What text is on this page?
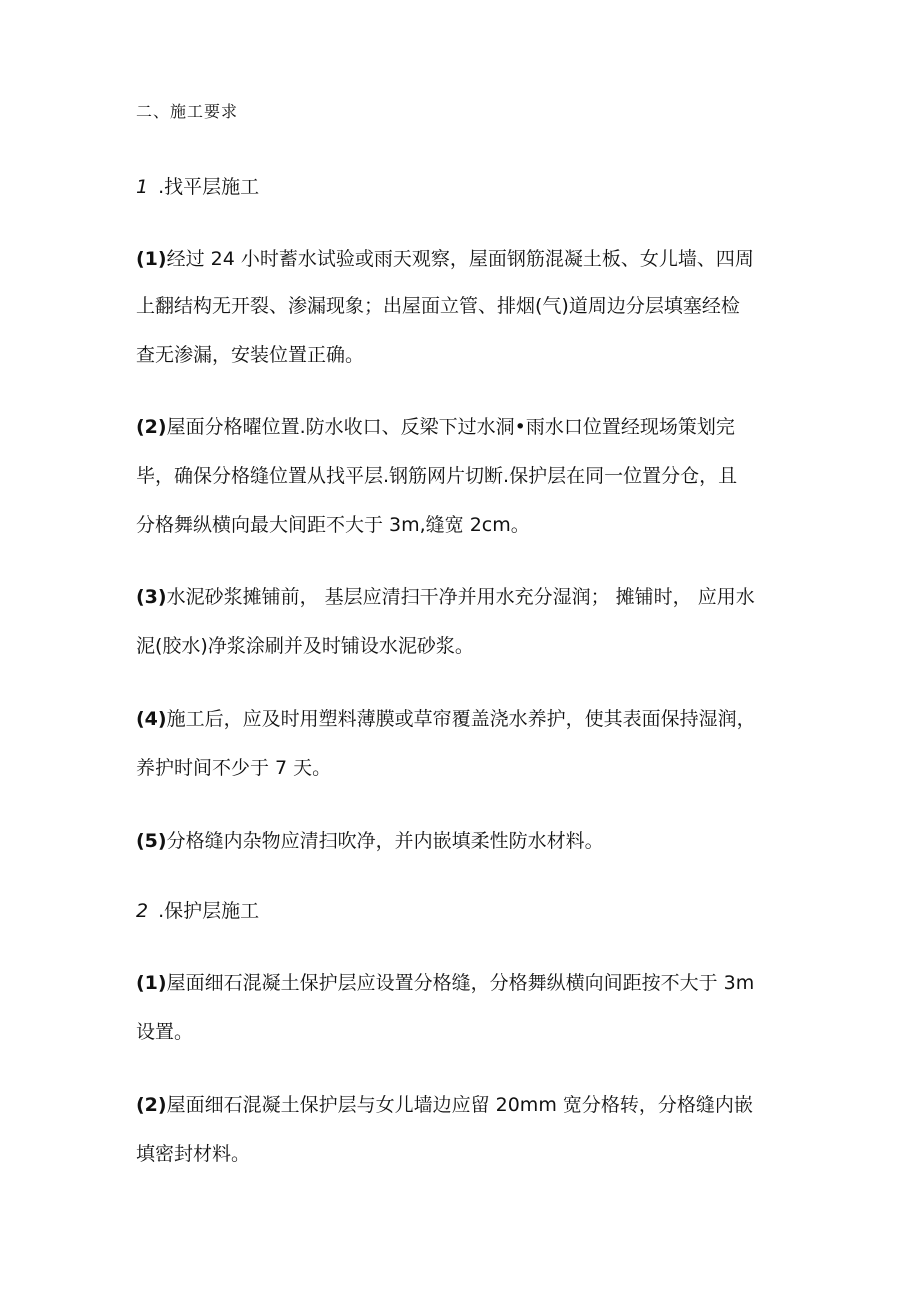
二、施工要求
1 .找平层施工
(1)经过 24 小时蓄水试验或雨天观察，屋面钢筋混凝土板、女儿墙、四周
上翻结构无开裂、渗漏现象；出屋面立管、排烟(气)道周边分层填塞经检
查无渗漏，安装位置正确。
(2)屋面分格曜位置.防水收口、反梁下过水洞•雨水口位置经现场策划完
毕，确保分格缝位置从找平层.钢筋网片切断.保护层在同一位置分仓，且
分格舞纵横向最大间距不大于 3m,缝宽 2cm。
(3)水泥砂浆摊铺前， 基层应清扫干净并用水充分湿润； 摊铺时， 应用水
泥(胶水)净浆涂刷并及时铺设水泥砂浆。
(4)施工后，应及时用塑料薄膜或草帘覆盖浇水养护，使其表面保持湿润，
养护时间不少于 7 天。
(5)分格缝内杂物应清扫吹净，并内嵌填柔性防水材料。
2 .保护层施工
(1)屋面细石混凝土保护层应设置分格缝，分格舞纵横向间距按不大于 3m
设置。
(2)屋面细石混凝土保护层与女儿墙边应留 20mm 宽分格转，分格缝内嵌
填密封材料。
